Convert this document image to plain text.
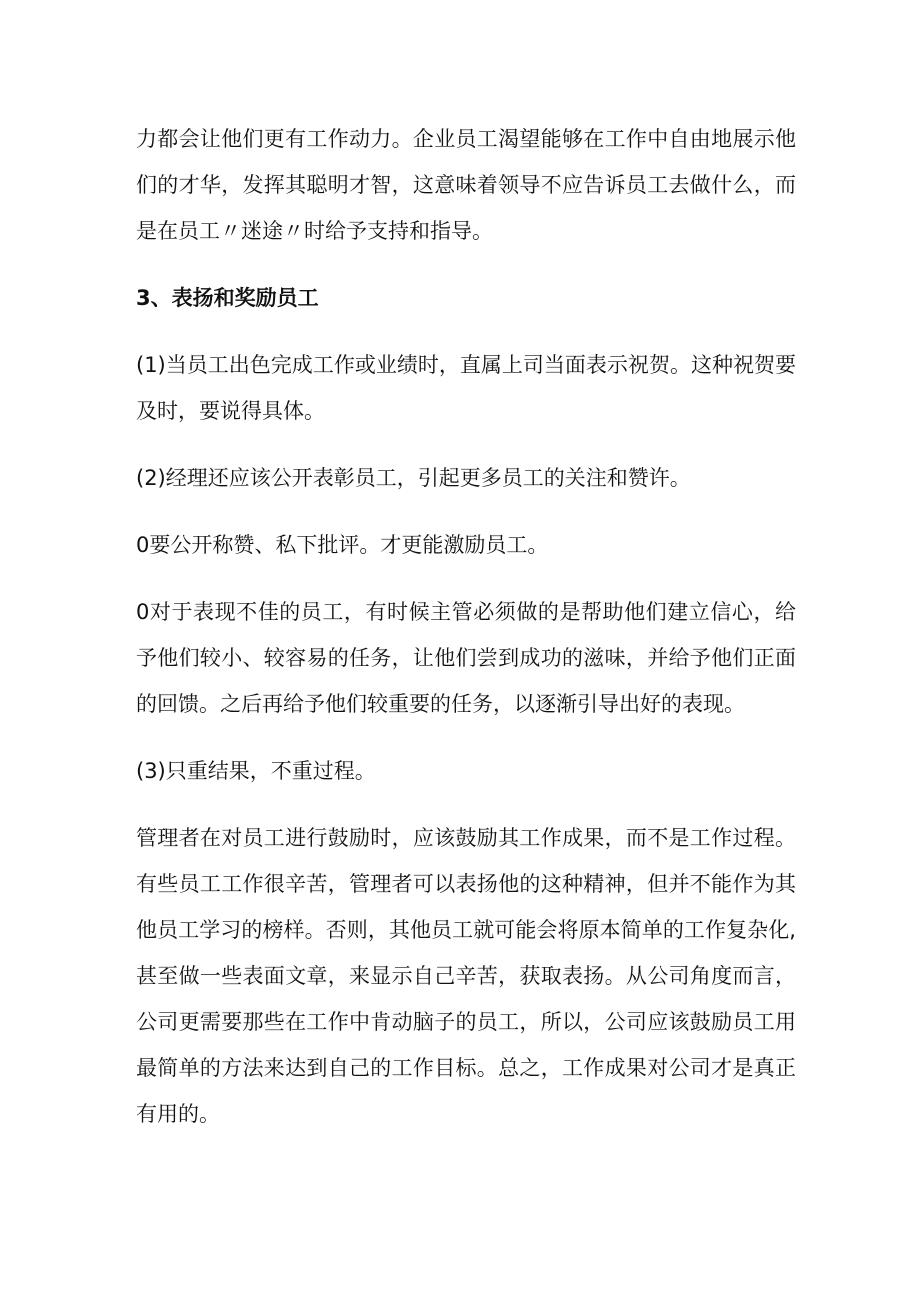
力都会让他们更有工作动力。企业员工渴望能够在工作中自由地展示他们的才华，发挥其聪明才智，这意味着领导不应告诉员工去做什么，而是在员工〃迷途〃时给予支持和指导。

3、表扬和奖励员工

(1)当员工出色完成工作或业绩时，直属上司当面表示祝贺。这种祝贺要及时，要说得具体。

(2)经理还应该公开表彰员工，引起更多员工的关注和赞许。

0要公开称赞、私下批评。才更能激励员工。

0对于表现不佳的员工，有时候主管必须做的是帮助他们建立信心，给予他们较小、较容易的任务，让他们尝到成功的滋味，并给予他们正面的回馈。之后再给予他们较重要的任务，以逐渐引导出好的表现。

(3)只重结果，不重过程。

管理者在对员工进行鼓励时，应该鼓励其工作成果，而不是工作过程。有些员工工作很辛苦，管理者可以表扬他的这种精神，但并不能作为其他员工学习的榜样。否则，其他员工就可能会将原本简单的工作复杂化,甚至做一些表面文章，来显示自己辛苦，获取表扬。从公司角度而言，公司更需要那些在工作中肯动脑子的员工，所以，公司应该鼓励员工用最简单的方法来达到自己的工作目标。总之，工作成果对公司才是真正有用的。
